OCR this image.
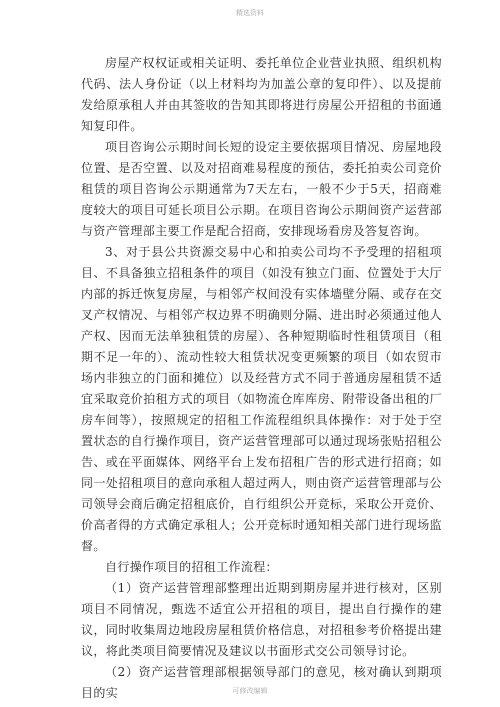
精选资料

房屋产权权证或相关证明、委托单位企业营业执照、组织机构代码、法人身份证（以上材料均为加盖公章的复印件）、以及提前发给原承租人并由其签收的告知其即将进行房屋公开招租的书面通知复印件。

项目咨询公示期时间长短的设定主要依据项目情况、房屋地段位置、是否空置、以及对招商难易程度的预估，委托拍卖公司竞价租赁的项目咨询公示期通常为7天左右，一般不少于5天，招商难度较大的项目可延长项目公示期。在项目咨询公示期间资产运营部与资产管理部主要工作是配合招商，安排现场看房及答复咨询。

3、对于县公共资源交易中心和拍卖公司均不予受理的招租项目、不具备独立招租条件的项目（如没有独立门面、位置处于大厅内部的拆迁恢复房屋，与相邻产权间没有实体墙壁分隔、或存在交叉产权情况、与相邻产权边界不明确则分隔、进出时必须通过他人产权、因而无法单独租赁的房屋）、各种短期临时性租赁项目（租期不足一年的）、流动性较大租赁状况变更频繁的项目（如农贸市场内非独立的门面和摊位）以及经营方式不同于普通房屋租赁不适宜采取竞价拍租方式的项目（如物流仓库库房、附带设备出租的厂房车间等），按照规定的招租工作流程组织具体操作：对于处于空置状态的自行操作项目，资产运营管理部可以通过现场张贴招租公告、或在平面媒体、网络平台上发布招租广告的形式进行招商；如同一处招租项目的意向承租人超过两人，则由资产运营管理部与公司领导会商后确定招租底价，自行组织公开竞标，采取公开竞价、价高者得的方式确定承租人；公开竞标时通知相关部门进行现场监督。

自行操作项目的招租工作流程：

（1）资产运营管理部整理出近期到期房屋并进行核对，区别项目不同情况，甄选不适宜公开招租的项目，提出自行操作的建议，同时收集周边地段房屋租赁价格信息，对招租参考价格提出建议，将此类项目简要情况及建议以书面形式交公司领导讨论。

（2）资产运营管理部根据领导部门的意见，核对确认到期项目的实	可修改编辑
